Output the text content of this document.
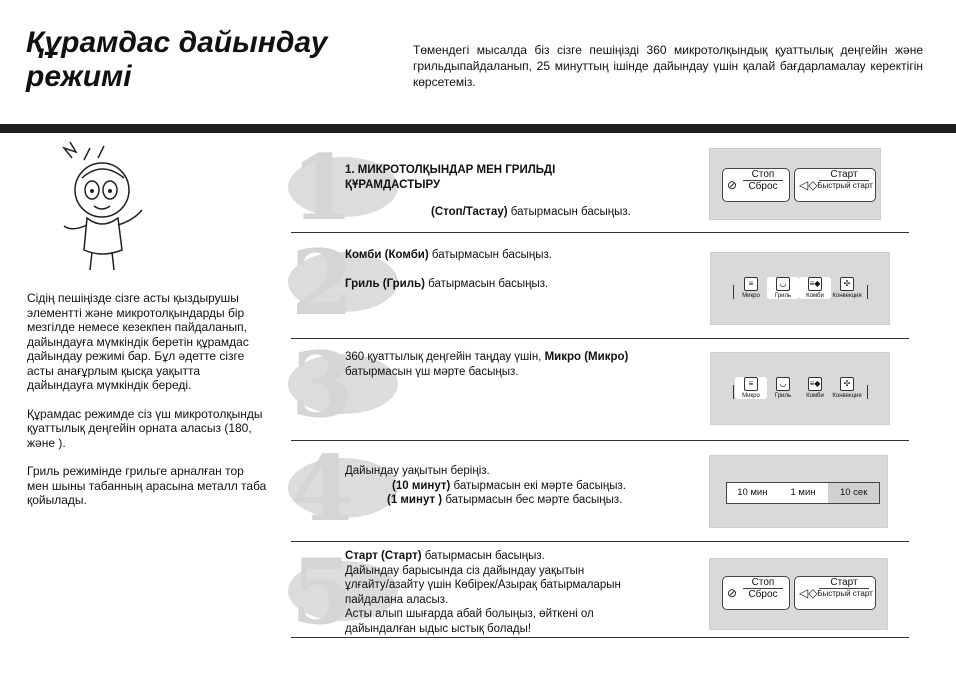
Құрамдас дайындау
режимі
Төмендегі мысалда біз сізге пешіңізді 360 микротолқындық қуаттылық деңгейін және грильдыпайдаланып, 25 минуттың ішінде дайындау үшін қалай бағдарламалау керектігін көрсетеміз.

Сідің пешіңізде сізге асты қыздырушы элементті және микротолқындарды бір мезгілде немесе кезекпен пайдаланып, дайындауға мүмкіндік беретін құрамдас дайындау режимі бар. Бұл әдетте сізге асты анағұрлым қысқа уақытта дайындауға мүмкіндік береді.

Құрамдас режимде сіз үш микротолқынды қуаттылық деңгейін орната аласыз (180, және ).

Гриль режимінде грильге арналған тор мен шыны табанның арасына металл таба қойылады.

1
1. МИКРОТОЛҚЫНДАР МЕН ГРИЛЬДІ ҚҰРАМДАСТЫРУ
(Стоп/Тастау) батырмасын басыңыз.
⊘
Стоп
Сброс	◁◇
Старт
Быстрый старт
2
Комби (Комби) батырмасын басыңыз.
Гриль (Гриль) батырмасын басыңыз.	≡
Микро
◡
Гриль
≡◆
Комби
✣
Конвекция
3
360 қуаттылық деңгейін таңдау үшін, Микро (Микро)
батырмасын үш мәрте басыңыз.
≡
Микро
◡
Гриль
≡◆
Комби
✣
Конвекция
4
Дайындау уақытын беріңіз.
(10 минут) батырмасын екі мәрте басыңыз.
(1 минут ) батырмасын бес мәрте басыңыз.
10 мин	1 мин	10 сек
5
Старт (Старт) батырмасын басыңыз.
Дайындау барысында сіз дайындау уақытын
ұлғайту/азайту үшін Көбірек/Азырақ батырмаларын
пайдалана аласыз.
Асты алып шығарда абай болыңыз, өйткені ол
дайындалған ыдыс ыстық болады!
⊘
Стоп
Сброс	◁◇
Старт
Быстрый старт
